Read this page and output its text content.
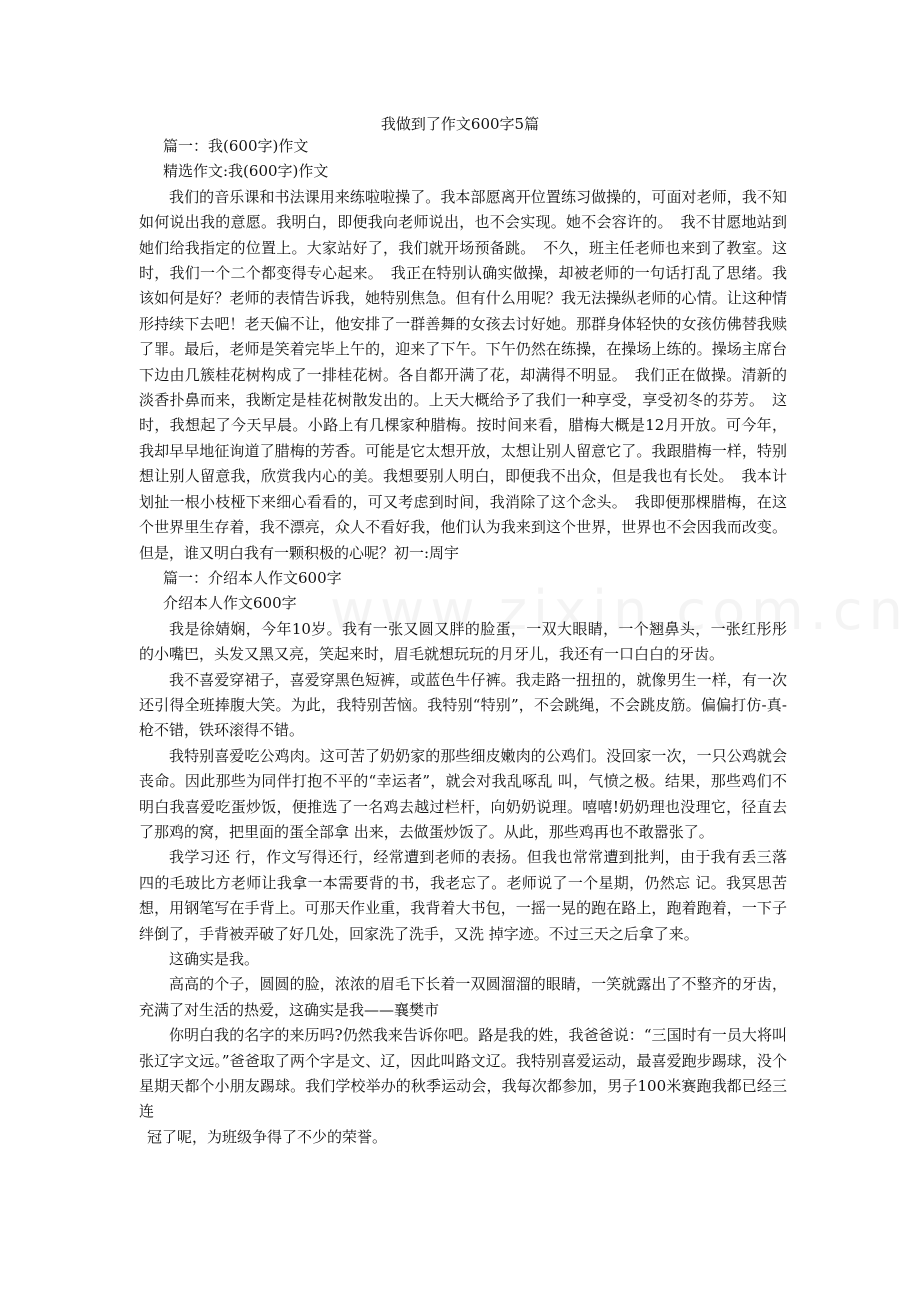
我做到了作文600字5篇

篇一：我(600字)作文

精选作文:我(600字)作文

我们的音乐课和书法课用来练啦啦操了。我本部愿离开位置练习做操的，可面对老师，我不知如何说出我的意愿。我明白，即便我向老师说出，也不会实现。她不会容许的。　我不甘愿地站到她们给我指定的位置上。大家站好了，我们就开场预备跳。　不久，班主任老师也来到了教室。这时，我们一个二个都变得专心起来。　我正在特别认确实做操，却被老师的一句话打乱了思绪。我该如何是好？老师的表情告诉我，她特别焦急。但有什么用呢？我无法操纵老师的心情。让这种情形持续下去吧！老天偏不让，他安排了一群善舞的女孩去讨好她。那群身体轻快的女孩仿佛替我赎了罪。最后，老师是笑着完毕上午的，迎来了下午。下午仍然在练操，在操场上练的。操场主席台下边由几簇桂花树构成了一排桂花树。各自都开满了花，却满得不明显。　我们正在做操。清新的淡香扑鼻而来，我断定是桂花树散发出的。上天大概给予了我们一种享受，享受初冬的芬芳。　这时，我想起了今天早晨。小路上有几棵家种腊梅。按时间来看，腊梅大概是12月开放。可今年，我却早早地征询道了腊梅的芳香。可能是它太想开放，太想让别人留意它了。我跟腊梅一样，特别想让别人留意我，欣赏我内心的美。我想要别人明白，即便我不出众，但是我也有长处。　我本计划扯一根小枝桠下来细心看看的，可又考虑到时间，我消除了这个念头。　我即便那棵腊梅，在这个世界里生存着，我不漂亮，众人不看好我，他们认为我来到这个世界，世界也不会因我而改变。但是，谁又明白我有一颗积极的心呢？初一:周宇

篇一：介绍本人作文600字

介绍本人作文600字

我是徐婧娴，今年10岁。我有一张又圆又胖的脸蛋，一双大眼睛，一个翘鼻头，一张红彤彤的小嘴巴，头发又黑又亮，笑起来时，眉毛就想玩玩的月牙儿，我还有一口白白的牙齿。

我不喜爱穿裙子，喜爱穿黑色短裤，或蓝色牛仔裤。我走路一扭扭的，就像男生一样，有一次还引得全班捧腹大笑。为此，我特别苦恼。我特别“特别”，不会跳绳，不会跳皮筋。偏偏打仿-真-枪不错，铁环滚得不错。

我特别喜爱吃公鸡肉。这可苦了奶奶家的那些细皮嫩肉的公鸡们。没回家一次，一只公鸡就会丧命。因此那些为同伴打抱不平的“幸运者”，就会对我乱啄乱 叫，气愤之极。结果，那些鸡们不明白我喜爱吃蛋炒饭，便推选了一名鸡去越过栏杆，向奶奶说理。嘻嘻!奶奶理也没理它，径直去了那鸡的窝，把里面的蛋全部拿 出来，去做蛋炒饭了。从此，那些鸡再也不敢嚣张了。

我学习还 行，作文写得还行，经常遭到老师的表扬。但我也常常遭到批判，由于我有丢三落四的毛玻比方老师让我拿一本需要背的书，我老忘了。老师说了一个星期，仍然忘 记。我冥思苦想，用钢笔写在手背上。可那天作业重，我背着大书包，一摇一晃的跑在路上，跑着跑着，一下子绊倒了，手背被弄破了好几处，回家洗了洗手，又洗 掉字迹。不过三天之后拿了来。

这确实是我。

高高的个子，圆圆的脸，浓浓的眉毛下长着一双圆溜溜的眼睛，一笑就露出了不整齐的牙齿，充满了对生活的热爱，这确实是我——襄樊市

你明白我的名字的来历吗?仍然我来告诉你吧。路是我的姓，我爸爸说：“三国时有一员大将叫张辽字文远。”爸爸取了两个字是文、辽，因此叫路文辽。我特别喜爱运动，最喜爱跑步踢球，没个星期天都个小朋友踢球。我们学校举办的秋季运动会，我每次都参加，男子100米赛跑我都已经三连

冠了呢，为班级争得了不少的荣誉。
